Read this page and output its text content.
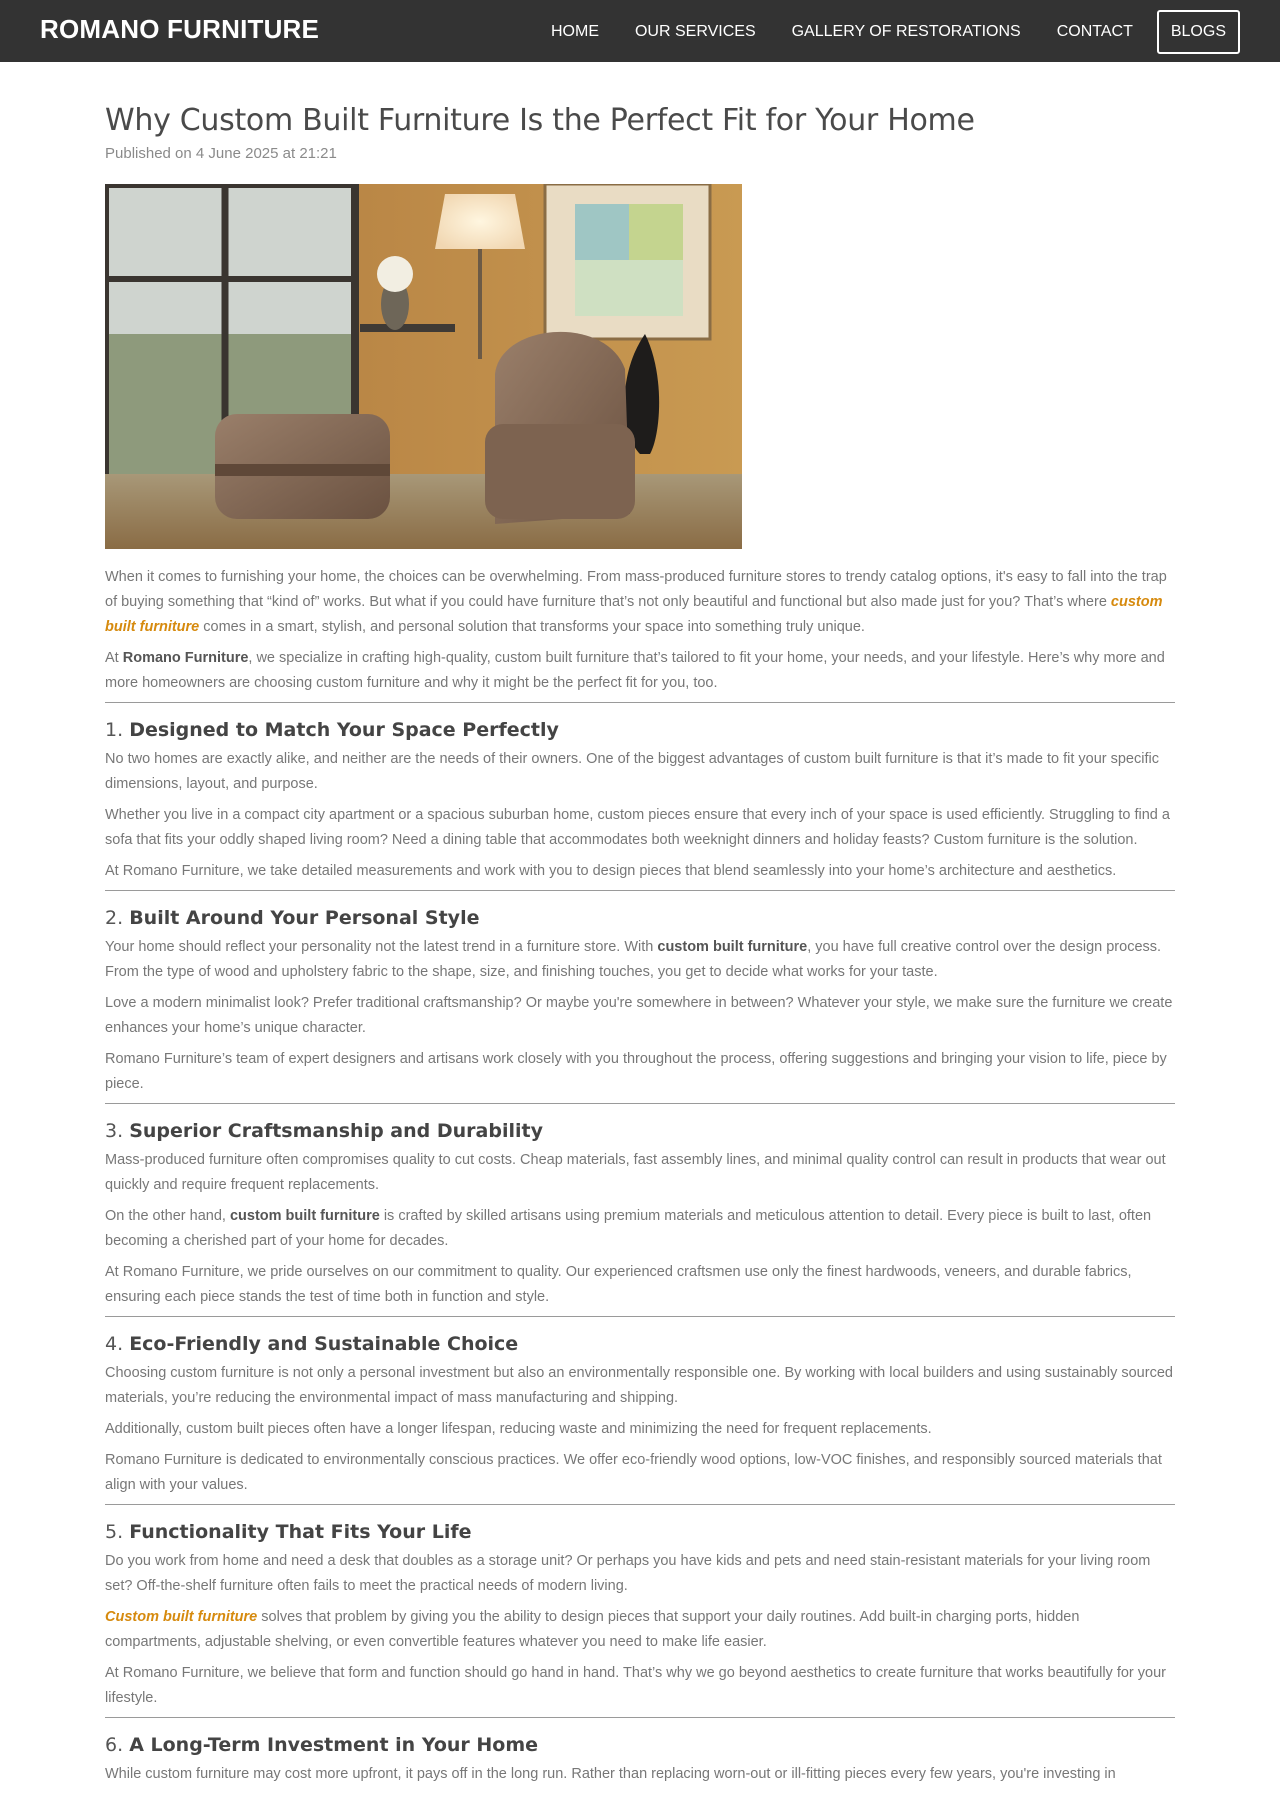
ROMANO FURNITURE	HOME	OUR SERVICES	GALLERY OF RESTORATIONS	CONTACT	BLOGS
Why Custom Built Furniture Is the Perfect Fit for Your Home
Published on 4 June 2025 at 21:21

When it comes to furnishing your home, the choices can be overwhelming. From mass-produced furniture stores to trendy catalog options, it's easy to fall into the trap of buying something that “kind of” works. But what if you could have furniture that’s not only beautiful and functional but also made just for you? That’s where custom built furniture comes in a smart, stylish, and personal solution that transforms your space into something truly unique.

At Romano Furniture, we specialize in crafting high-quality, custom built furniture that’s tailored to fit your home, your needs, and your lifestyle. Here’s why more and more homeowners are choosing custom furniture and why it might be the perfect fit for you, too.

1. Designed to Match Your Space Perfectly

No two homes are exactly alike, and neither are the needs of their owners. One of the biggest advantages of custom built furniture is that it’s made to fit your specific dimensions, layout, and purpose.

Whether you live in a compact city apartment or a spacious suburban home, custom pieces ensure that every inch of your space is used efficiently. Struggling to find a sofa that fits your oddly shaped living room? Need a dining table that accommodates both weeknight dinners and holiday feasts? Custom furniture is the solution.

At Romano Furniture, we take detailed measurements and work with you to design pieces that blend seamlessly into your home’s architecture and aesthetics.

2. Built Around Your Personal Style

Your home should reflect your personality not the latest trend in a furniture store. With custom built furniture, you have full creative control over the design process. From the type of wood and upholstery fabric to the shape, size, and finishing touches, you get to decide what works for your taste.

Love a modern minimalist look? Prefer traditional craftsmanship? Or maybe you're somewhere in between? Whatever your style, we make sure the furniture we create enhances your home’s unique character.

Romano Furniture’s team of expert designers and artisans work closely with you throughout the process, offering suggestions and bringing your vision to life, piece by piece.

3. Superior Craftsmanship and Durability

Mass-produced furniture often compromises quality to cut costs. Cheap materials, fast assembly lines, and minimal quality control can result in products that wear out quickly and require frequent replacements.

On the other hand, custom built furniture is crafted by skilled artisans using premium materials and meticulous attention to detail. Every piece is built to last, often becoming a cherished part of your home for decades.

At Romano Furniture, we pride ourselves on our commitment to quality. Our experienced craftsmen use only the finest hardwoods, veneers, and durable fabrics, ensuring each piece stands the test of time both in function and style.

4. Eco-Friendly and Sustainable Choice

Choosing custom furniture is not only a personal investment but also an environmentally responsible one. By working with local builders and using sustainably sourced materials, you’re reducing the environmental impact of mass manufacturing and shipping.

Additionally, custom built pieces often have a longer lifespan, reducing waste and minimizing the need for frequent replacements.

Romano Furniture is dedicated to environmentally conscious practices. We offer eco-friendly wood options, low-VOC finishes, and responsibly sourced materials that align with your values.

5. Functionality That Fits Your Life

Do you work from home and need a desk that doubles as a storage unit? Or perhaps you have kids and pets and need stain-resistant materials for your living room set? Off-the-shelf furniture often fails to meet the practical needs of modern living.

Custom built furniture solves that problem by giving you the ability to design pieces that support your daily routines. Add built-in charging ports, hidden compartments, adjustable shelving, or even convertible features whatever you need to make life easier.

At Romano Furniture, we believe that form and function should go hand in hand. That’s why we go beyond aesthetics to create furniture that works beautifully for your lifestyle.

6. A Long-Term Investment in Your Home

While custom furniture may cost more upfront, it pays off in the long run. Rather than replacing worn-out or ill-fitting pieces every few years, you're investing in
